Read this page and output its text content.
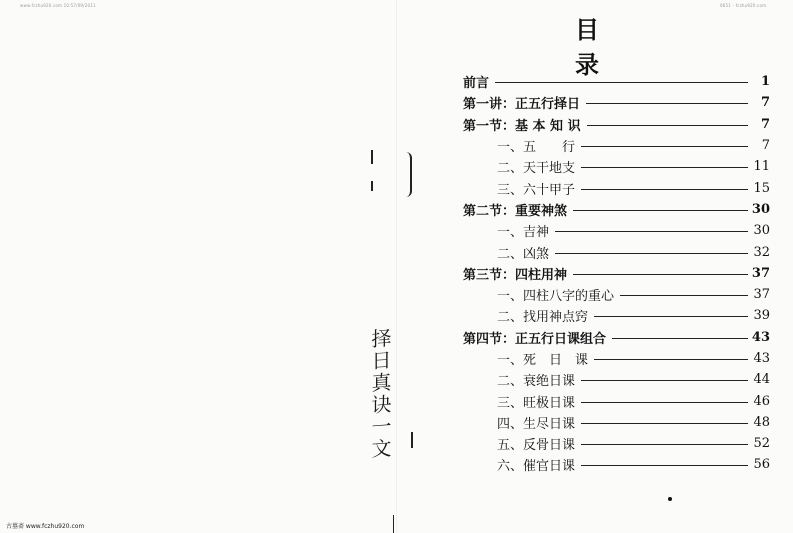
www.fczhu920.com 10:57/09/2011	0651 - fczhu920.com
择日真诀一文
目 录
前言	1
第一讲：正五行择日	7
第一节：基 本 知 识	7
一、五　　行	7
二、天干地支	11
三、六十甲子	15
第二节：重要神煞	30
一、吉神	30
二、凶煞	32
第三节：四柱用神	37
一、四柱八字的重心	37
二、找用神点窍	39
第四节：正五行日课组合	43
一、死　日　课	43
二、衰绝日课	44
三、旺极日课	46
四、生尽日课	48
五、反骨日课	52
六、催官日课	56
古墓斋 www.fczhu920.com
